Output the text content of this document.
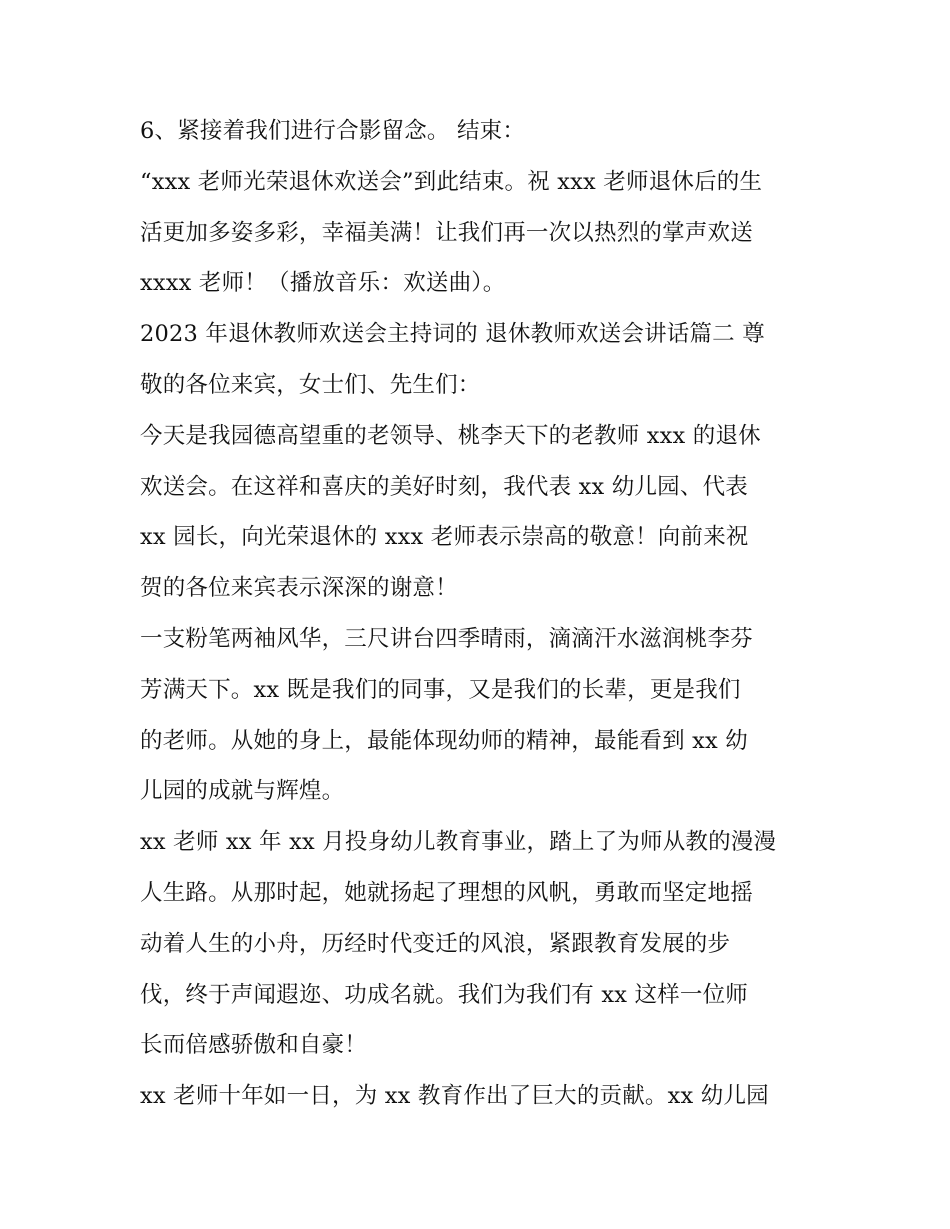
6、紧接着我们进行合影留念。 结束：
“xxx 老师光荣退休欢送会”到此结束。祝 xxx 老师退休后的生
活更加多姿多彩，幸福美满！让我们再一次以热烈的掌声欢送
xxxx 老师！（播放音乐：欢送曲）。
2023 年退休教师欢送会主持词的 退休教师欢送会讲话篇二 尊
敬的各位来宾，女士们、先生们：
今天是我园德高望重的老领导、桃李天下的老教师 xxx 的退休
欢送会。在这祥和喜庆的美好时刻，我代表 xx 幼儿园、代表
xx 园长，向光荣退休的 xxx 老师表示崇高的敬意！向前来祝
贺的各位来宾表示深深的谢意！
一支粉笔两袖风华，三尺讲台四季晴雨，滴滴汗水滋润桃李芬
芳满天下。xx 既是我们的同事，又是我们的长辈，更是我们
的老师。从她的身上，最能体现幼师的精神，最能看到 xx 幼
儿园的成就与辉煌。
xx 老师 xx 年 xx 月投身幼儿教育事业，踏上了为师从教的漫漫
人生路。从那时起，她就扬起了理想的风帆，勇敢而坚定地摇
动着人生的小舟，历经时代变迁的风浪，紧跟教育发展的步
伐，终于声闻遐迩、功成名就。我们为我们有 xx 这样一位师
长而倍感骄傲和自豪！
xx 老师十年如一日，为 xx 教育作出了巨大的贡献。xx 幼儿园
